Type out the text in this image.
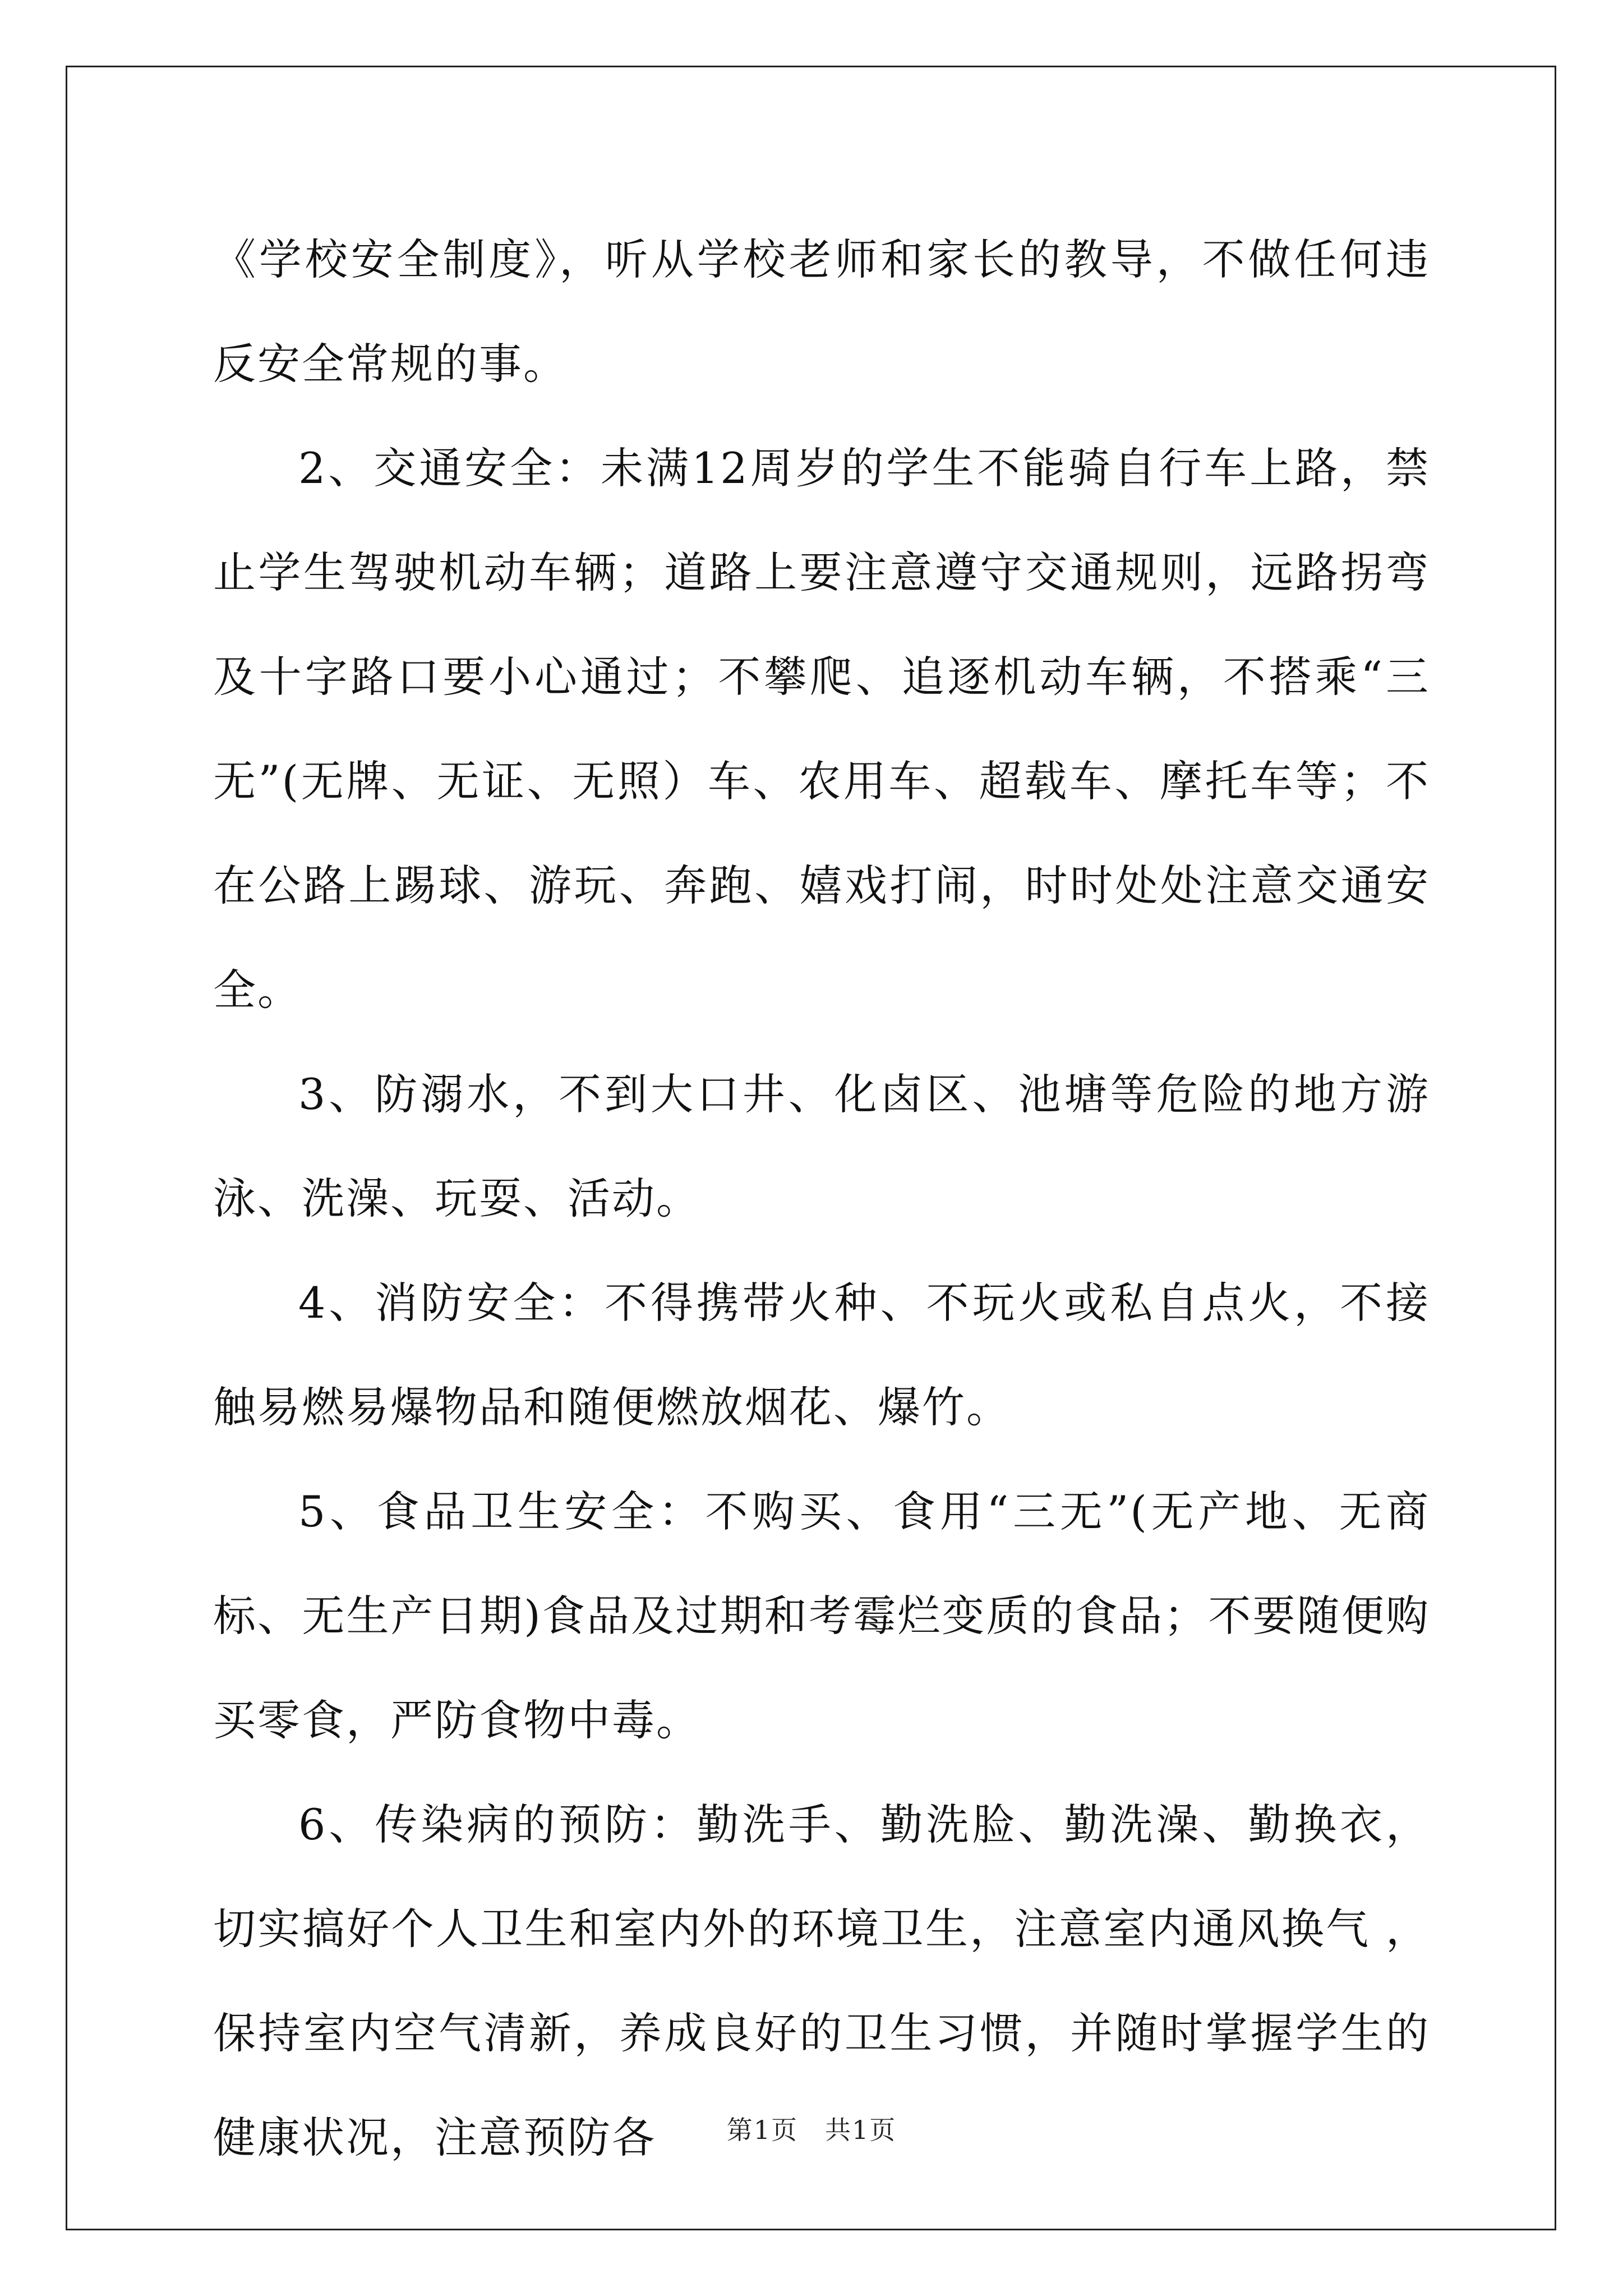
《学校安全制度》，听从学校老师和家长的教导，不做任何违反安全常规的事。

2、交通安全：未满12周岁的学生不能骑自行车上路，禁止学生驾驶机动车辆；道路上要注意遵守交通规则，远路拐弯及十字路口要小心通过；不攀爬、追逐机动车辆，不搭乘“三无”(无牌、无证、无照）车、农用车、超载车、摩托车等；不在公路上踢球、游玩、奔跑、嬉戏打闹，时时处处注意交通安全。

3、防溺水，不到大口井、化卤区、池塘等危险的地方游泳、洗澡、玩耍、活动。

4、消防安全：不得携带火种、不玩火或私自点火，不接触易燃易爆物品和随便燃放烟花、爆竹。

5、食品卫生安全：不购买、食用“三无”(无产地、无商标、无生产日期)食品及过期和考霉烂变质的食品；不要随便购买零食，严防食物中毒。

6、传染病的预防：勤洗手、勤洗脸、勤洗澡、勤换衣，切实搞好个人卫生和室内外的环境卫生，注意室内通风换气 ，保持室内空气清新，养成良好的卫生习惯，并随时掌握学生的健康状况，注意预防各	第1页　共1页
